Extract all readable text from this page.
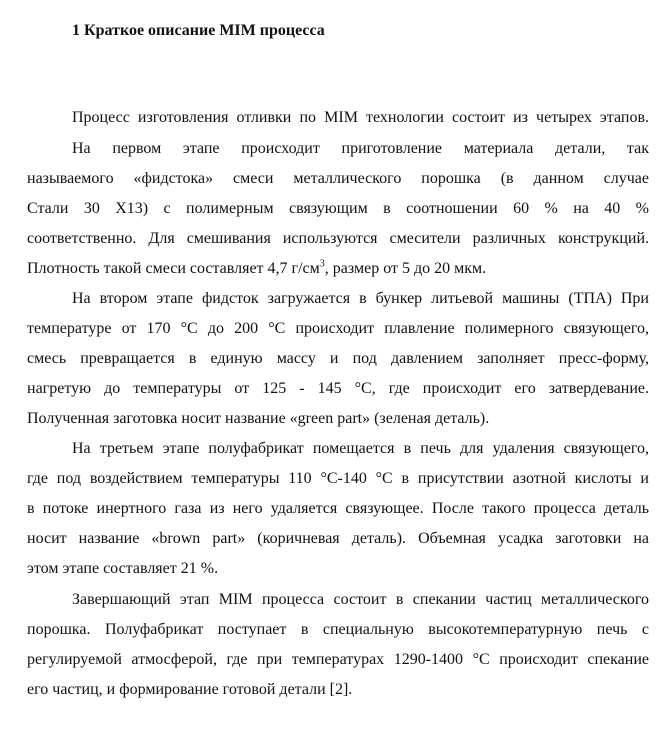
1 Краткое описание MIM процесса
Процесс изготовления отливки по MIM технологии состоит из четырех этапов.
На первом этапе происходит приготовление материала детали, так
называемого «фидстока» смеси металлического порошка (в данном случае
Стали 30 Х13) с полимерным связующим в соотношении 60 % на 40 %
соответственно. Для смешивания используются смесители различных конструкций.
Плотность такой смеси составляет 4,7 $г/см^3$, размер от 5 до 20 мкм.
На втором этапе фидсток загружается в бункер литьевой машины (ТПА) При
температуре от 170 °С до 200 °С происходит плавление полимерного связующего,
смесь превращается в единую массу и под давлением заполняет пресс-форму,
нагретую до температуры от 125 - 145 °С, где происходит его затвердевание.
Полученная заготовка носит название «green part» (зеленая деталь).
На третьем этапе полуфабрикат помещается в печь для удаления связующего,
где под воздействием температуры 110 °С-140 °С в присутствии азотной кислоты и
в потоке инертного газа из него удаляется связующее. После такого процесса деталь
носит название «brown part» (коричневая деталь). Объемная усадка заготовки на
этом этапе составляет 21 %.
Завершающий этап MIM процесса состоит в спекании частиц металлического
порошка. Полуфабрикат поступает в специальную высокотемпературную печь с
регулируемой атмосферой, где при температурах 1290-1400 °С происходит спекание
его частиц, и формирование готовой детали [2].
